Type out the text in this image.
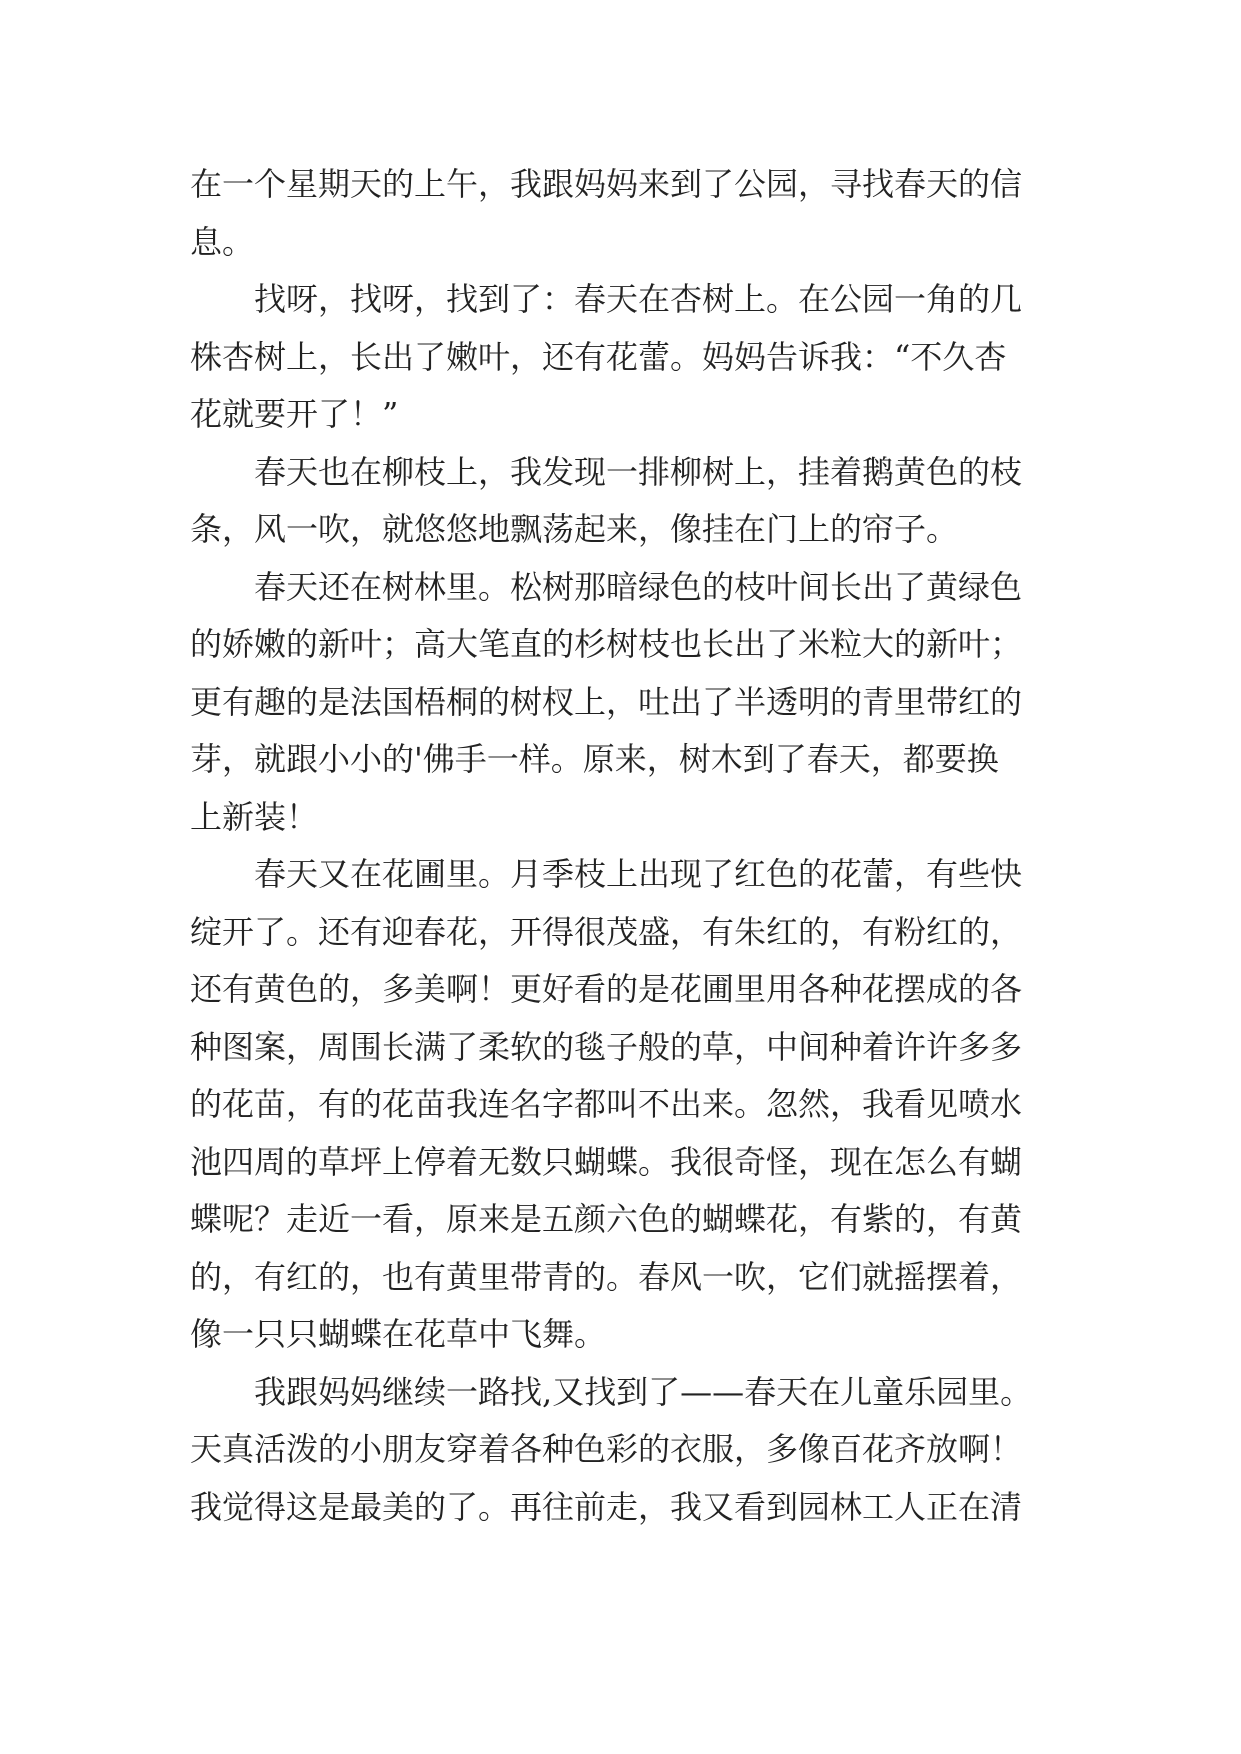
在一个星期天的上午，我跟妈妈来到了公园，寻找春天的信
息。
找呀，找呀，找到了：春天在杏树上。在公园一角的几
株杏树上，长出了嫩叶，还有花蕾。妈妈告诉我：“不久杏
花就要开了！”
春天也在柳枝上，我发现一排柳树上，挂着鹅黄色的枝
条，风一吹，就悠悠地飘荡起来，像挂在门上的帘子。
春天还在树林里。松树那暗绿色的枝叶间长出了黄绿色
的娇嫩的新叶；高大笔直的杉树枝也长出了米粒大的新叶；
更有趣的是法国梧桐的树杈上，吐出了半透明的青里带红的
芽，就跟小小的'佛手一样。原来，树木到了春天，都要换
上新装！
春天又在花圃里。月季枝上出现了红色的花蕾，有些快
绽开了。还有迎春花，开得很茂盛，有朱红的，有粉红的，
还有黄色的，多美啊！更好看的是花圃里用各种花摆成的各
种图案，周围长满了柔软的毯子般的草，中间种着许许多多
的花苗，有的花苗我连名字都叫不出来。忽然，我看见喷水
池四周的草坪上停着无数只蝴蝶。我很奇怪，现在怎么有蝴
蝶呢？走近一看，原来是五颜六色的蝴蝶花，有紫的，有黄
的，有红的，也有黄里带青的。春风一吹，它们就摇摆着，
像一只只蝴蝶在花草中飞舞。
我跟妈妈继续一路找,又找到了——春天在儿童乐园里。
天真活泼的小朋友穿着各种色彩的衣服，多像百花齐放啊！
我觉得这是最美的了。再往前走，我又看到园林工人正在清
